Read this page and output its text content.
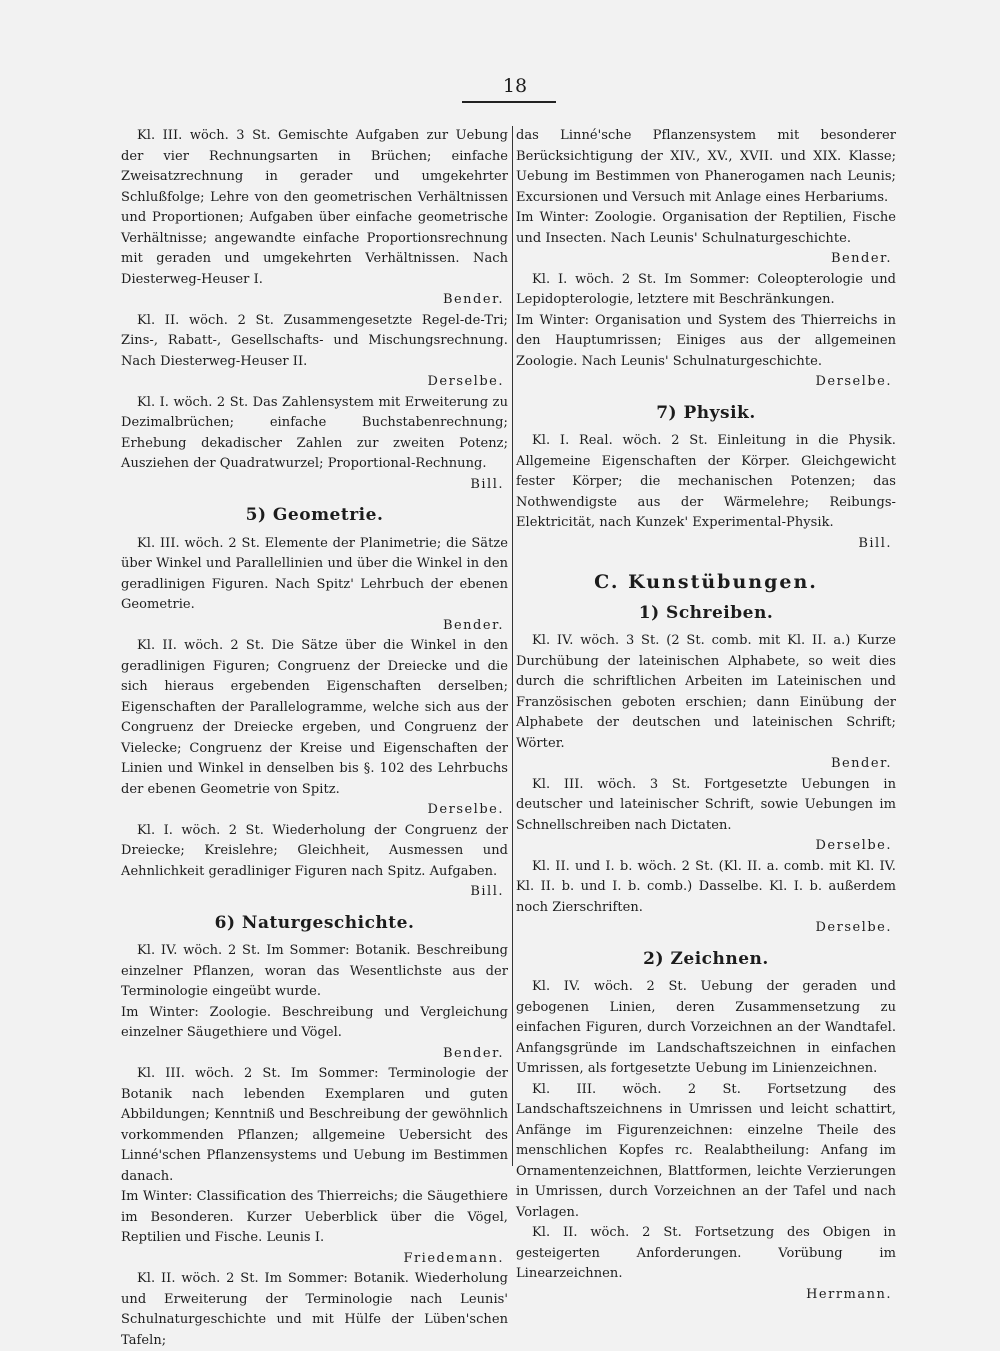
18

Kl. III. wöch. 3 St. Gemischte Aufgaben zur Uebung der vier Rechnungsarten in Brüchen; einfache Zweisatzrechnung in gerader und umgekehrter Schlußfolge; Lehre von den geometrischen Verhältnissen und Proportionen; Aufgaben über einfache geometrische Verhältnisse; angewandte einfache Proportionsrechnung mit geraden und umgekehrten Verhältnissen. Nach Diesterweg-Heuser I.

Bender.

Kl. II. wöch. 2 St. Zusammengesetzte Regel-de-Tri; Zins-, Rabatt-, Gesellschafts- und Mischungsrechnung. Nach Diesterweg-Heuser II.

Derselbe.

Kl. I. wöch. 2 St. Das Zahlensystem mit Erweiterung zu Dezimalbrüchen; einfache Buchstabenrechnung; Erhebung dekadischer Zahlen zur zweiten Potenz; Ausziehen der Quadratwurzel; Proportional-Rechnung.

Bill.

5) Geometrie.

Kl. III. wöch. 2 St. Elemente der Planimetrie; die Sätze über Winkel und Parallellinien und über die Winkel in den geradlinigen Figuren. Nach Spitz' Lehrbuch der ebenen Geometrie.

Bender.

Kl. II. wöch. 2 St. Die Sätze über die Winkel in den geradlinigen Figuren; Congruenz der Dreiecke und die sich hieraus ergebenden Eigenschaften derselben; Eigenschaften der Parallelogramme, welche sich aus der Congruenz der Dreiecke ergeben, und Congruenz der Vielecke; Congruenz der Kreise und Eigenschaften der Linien und Winkel in denselben bis §. 102 des Lehrbuchs der ebenen Geometrie von Spitz.

Derselbe.

Kl. I. wöch. 2 St. Wiederholung der Congruenz der Dreiecke; Kreislehre; Gleichheit, Ausmessen und Aehnlichkeit geradliniger Figuren nach Spitz. Aufgaben.

Bill.

6) Naturgeschichte.

Kl. IV. wöch. 2 St. Im Sommer: Botanik. Beschreibung einzelner Pflanzen, woran das Wesentlichste aus der Terminologie eingeübt wurde.

Im Winter: Zoologie. Beschreibung und Vergleichung einzelner Säugethiere und Vögel.

Bender.

Kl. III. wöch. 2 St. Im Sommer: Terminologie der Botanik nach lebenden Exemplaren und guten Abbildungen; Kenntniß und Beschreibung der gewöhnlich vorkommenden Pflanzen; allgemeine Uebersicht des Linné'schen Pflanzensystems und Uebung im Bestimmen danach.

Im Winter: Classification des Thierreichs; die Säugethiere im Besonderen. Kurzer Ueberblick über die Vögel, Reptilien und Fische. Leunis I.

Friedemann.

Kl. II. wöch. 2 St. Im Sommer: Botanik. Wiederholung und Erweiterung der Terminologie nach Leunis' Schulnaturgeschichte und mit Hülfe der Lüben'schen Tafeln;

das Linné'sche Pflanzensystem mit besonderer Berücksichtigung der XIV., XV., XVII. und XIX. Klasse; Uebung im Bestimmen von Phanerogamen nach Leunis; Excursionen und Versuch mit Anlage eines Herbariums.

Im Winter: Zoologie. Organisation der Reptilien, Fische und Insecten. Nach Leunis' Schulnaturgeschichte.

Bender.

Kl. I. wöch. 2 St. Im Sommer: Coleopterologie und Lepidopterologie, letztere mit Beschränkungen.

Im Winter: Organisation und System des Thierreichs in den Hauptumrissen; Einiges aus der allgemeinen Zoologie. Nach Leunis' Schulnaturgeschichte.

Derselbe.

7) Physik.

Kl. I. Real. wöch. 2 St. Einleitung in die Physik. Allgemeine Eigenschaften der Körper. Gleichgewicht fester Körper; die mechanischen Potenzen; das Nothwendigste aus der Wärmelehre; Reibungs-Elektricität, nach Kunzek' Experimental-Physik.

Bill.

C. Kunstübungen.
1) Schreiben.

Kl. IV. wöch. 3 St. (2 St. comb. mit Kl. II. a.) Kurze Durchübung der lateinischen Alphabete, so weit dies durch die schriftlichen Arbeiten im Lateinischen und Französischen geboten erschien; dann Einübung der Alphabete der deutschen und lateinischen Schrift; Wörter.

Bender.

Kl. III. wöch. 3 St. Fortgesetzte Uebungen in deutscher und lateinischer Schrift, sowie Uebungen im Schnellschreiben nach Dictaten.

Derselbe.

Kl. II. und I. b. wöch. 2 St. (Kl. II. a. comb. mit Kl. IV. Kl. II. b. und I. b. comb.) Dasselbe. Kl. I. b. außerdem noch Zierschriften.

Derselbe.

2) Zeichnen.

Kl. IV. wöch. 2 St. Uebung der geraden und gebogenen Linien, deren Zusammensetzung zu einfachen Figuren, durch Vorzeichnen an der Wandtafel. Anfangsgründe im Landschaftszeichnen in einfachen Umrissen, als fortgesetzte Uebung im Linienzeichnen.

Kl. III. wöch. 2 St. Fortsetzung des Landschaftszeichnens in Umrissen und leicht schattirt, Anfänge im Figurenzeichnen: einzelne Theile des menschlichen Kopfes rc. Realabtheilung: Anfang im Ornamentenzeichnen, Blattformen, leichte Verzierungen in Umrissen, durch Vorzeichnen an der Tafel und nach Vorlagen.

Kl. II. wöch. 2 St. Fortsetzung des Obigen in gesteigerten Anforderungen. Vorübung im Linearzeichnen.

Herrmann.
